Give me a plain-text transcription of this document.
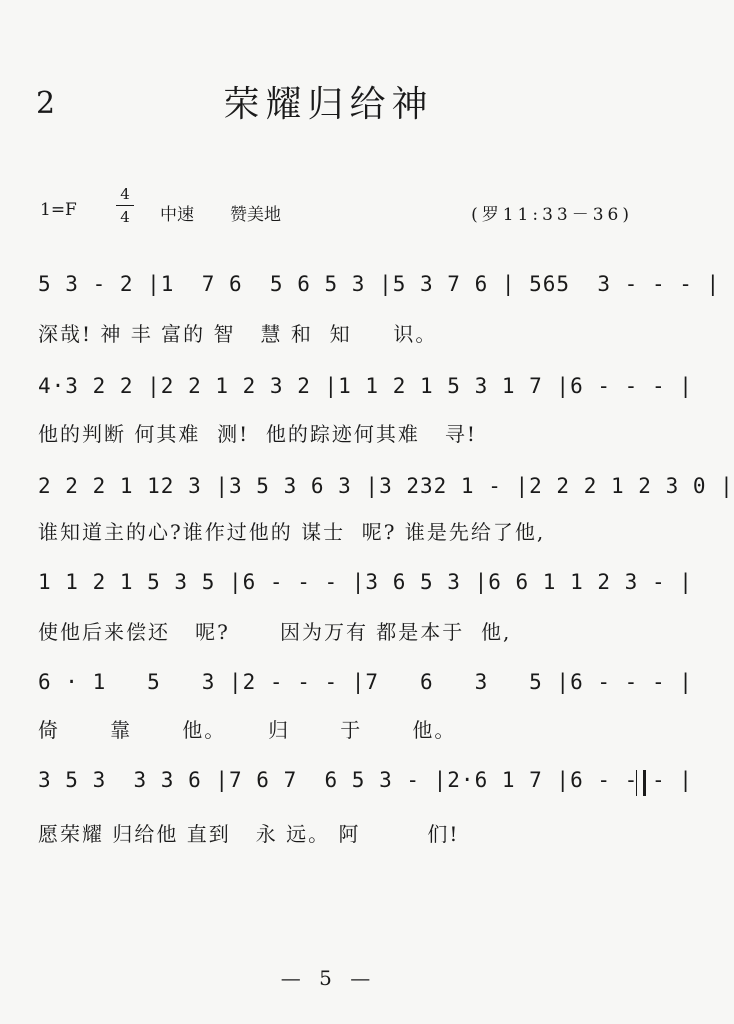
2	荣耀归给神
1=F
4
4 中速 赞美地	(罗11:33－36)
5 3 - 2 |1  7 6  5 6 5 3 |5 3 7 6 | 565  3 - - - |
深哉! 神 丰 富的 智   慧 和  知     识。
4·3 2 2 |2 2 1 2 3 2 |1 1 2 1 5 3 1 7 |6 - - - |
他的判断 何其难  测!  他的踪迹何其难   寻!
2 2 2 1 12 3 |3 5 3 6 3 |3 232 1 - |2 2 2 1 2 3 0 |
谁知道主的心?谁作过他的 谋士  呢? 谁是先给了他,
1 1 2 1 5 3 5 |6 - - - |3 6 5 3 |6 6 1 1 2 3 - |
使他后来偿还   呢?      因为万有 都是本于  他,
6 · 1   5   3 |2 - - - |7   6   3   5 |6 - - - |
倚      靠      他。     归      于      他。
3 5 3  3 3 6 |7 6 7  6 5 3 - |2·6 1 7 |6 - - - |
愿荣耀 归给他 直到   永 远。 阿        们!
— 5 —
